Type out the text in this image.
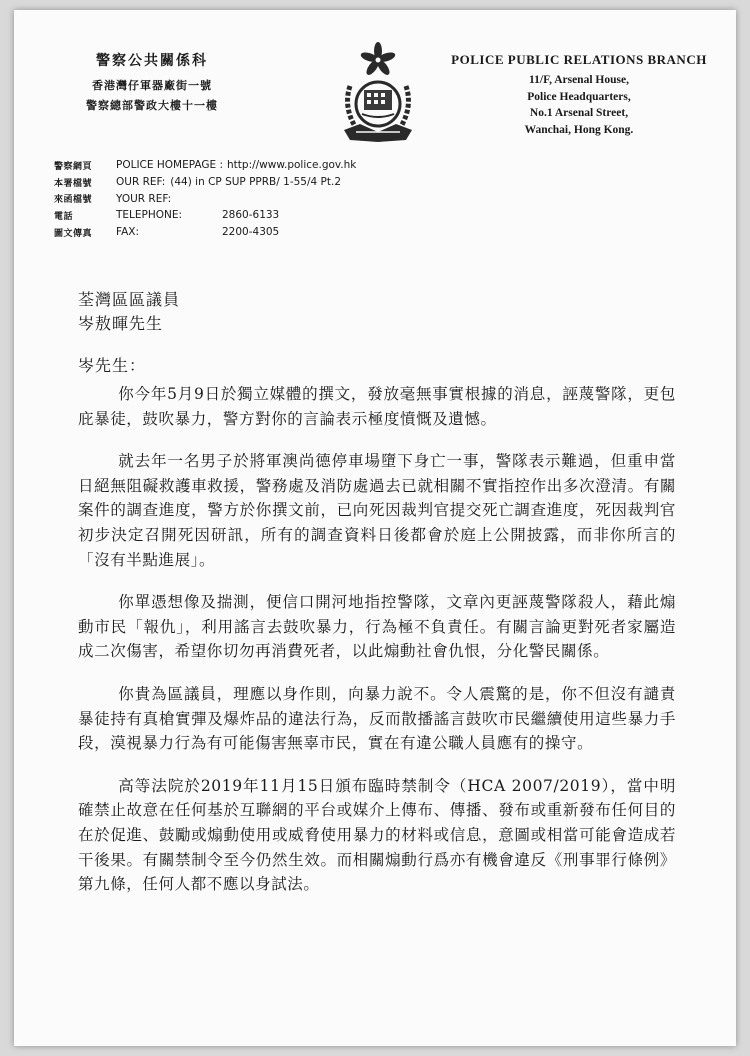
警察公共關係科
香港灣仔軍器廠街一號
警察總部警政大樓十一樓
POLICE PUBLIC RELATIONS BRANCH
11/F, Arsenal House,
Police Headquarters,
No.1 Arsenal Street,
Wanchai, Hong Kong.
警察網頁	POLICE HOMEPAGE : http://www.police.gov.hk
本署檔號	OUR REF: (44) in CP SUP PPRB/ 1-55/4 Pt.2
來函檔號	YOUR REF:
電話	TELEPHONE:	2860-6133
圖文傳真	FAX:	2200-4305
荃灣區區議員
岑敖暉先生
岑先生：

你今年5月9日於獨立媒體的撰文，發放毫無事實根據的消息，誣蔑警隊，更包庇暴徒，鼓吹暴力，警方對你的言論表示極度憤慨及遺憾。

就去年一名男子於將軍澳尚德停車場墮下身亡一事，警隊表示難過，但重申當日絕無阻礙救護車救援，警務處及消防處過去已就相關不實指控作出多次澄清。有關案件的調查進度，警方於你撰文前，已向死因裁判官提交死亡調查進度，死因裁判官初步決定召開死因研訊，所有的調查資料日後都會於庭上公開披露，而非你所言的「沒有半點進展」。

你單憑想像及揣測，便信口開河地指控警隊，文章內更誣蔑警隊殺人，藉此煽動市民「報仇」，利用謠言去鼓吹暴力，行為極不負責任。有關言論更對死者家屬造成二次傷害，希望你切勿再消費死者，以此煽動社會仇恨，分化警民關係。

你貴為區議員，理應以身作則，向暴力說不。令人震驚的是，你不但沒有譴責暴徒持有真槍實彈及爆炸品的違法行為，反而散播謠言鼓吹市民繼續使用這些暴力手段，漠視暴力行為有可能傷害無辜市民，實在有違公職人員應有的操守。

高等法院於2019年11月15日頒布臨時禁制令（HCA 2007/2019），當中明確禁止故意在任何基於互聯網的平台或媒介上傳布、傳播、發布或重新發布任何目的在於促進、鼓勵或煽動使用或威脅使用暴力的材料或信息，意圖或相當可能會造成若干後果。有關禁制令至今仍然生效。而相關煽動行爲亦有機會違反《刑事罪行條例》第九條，任何人都不應以身試法。
